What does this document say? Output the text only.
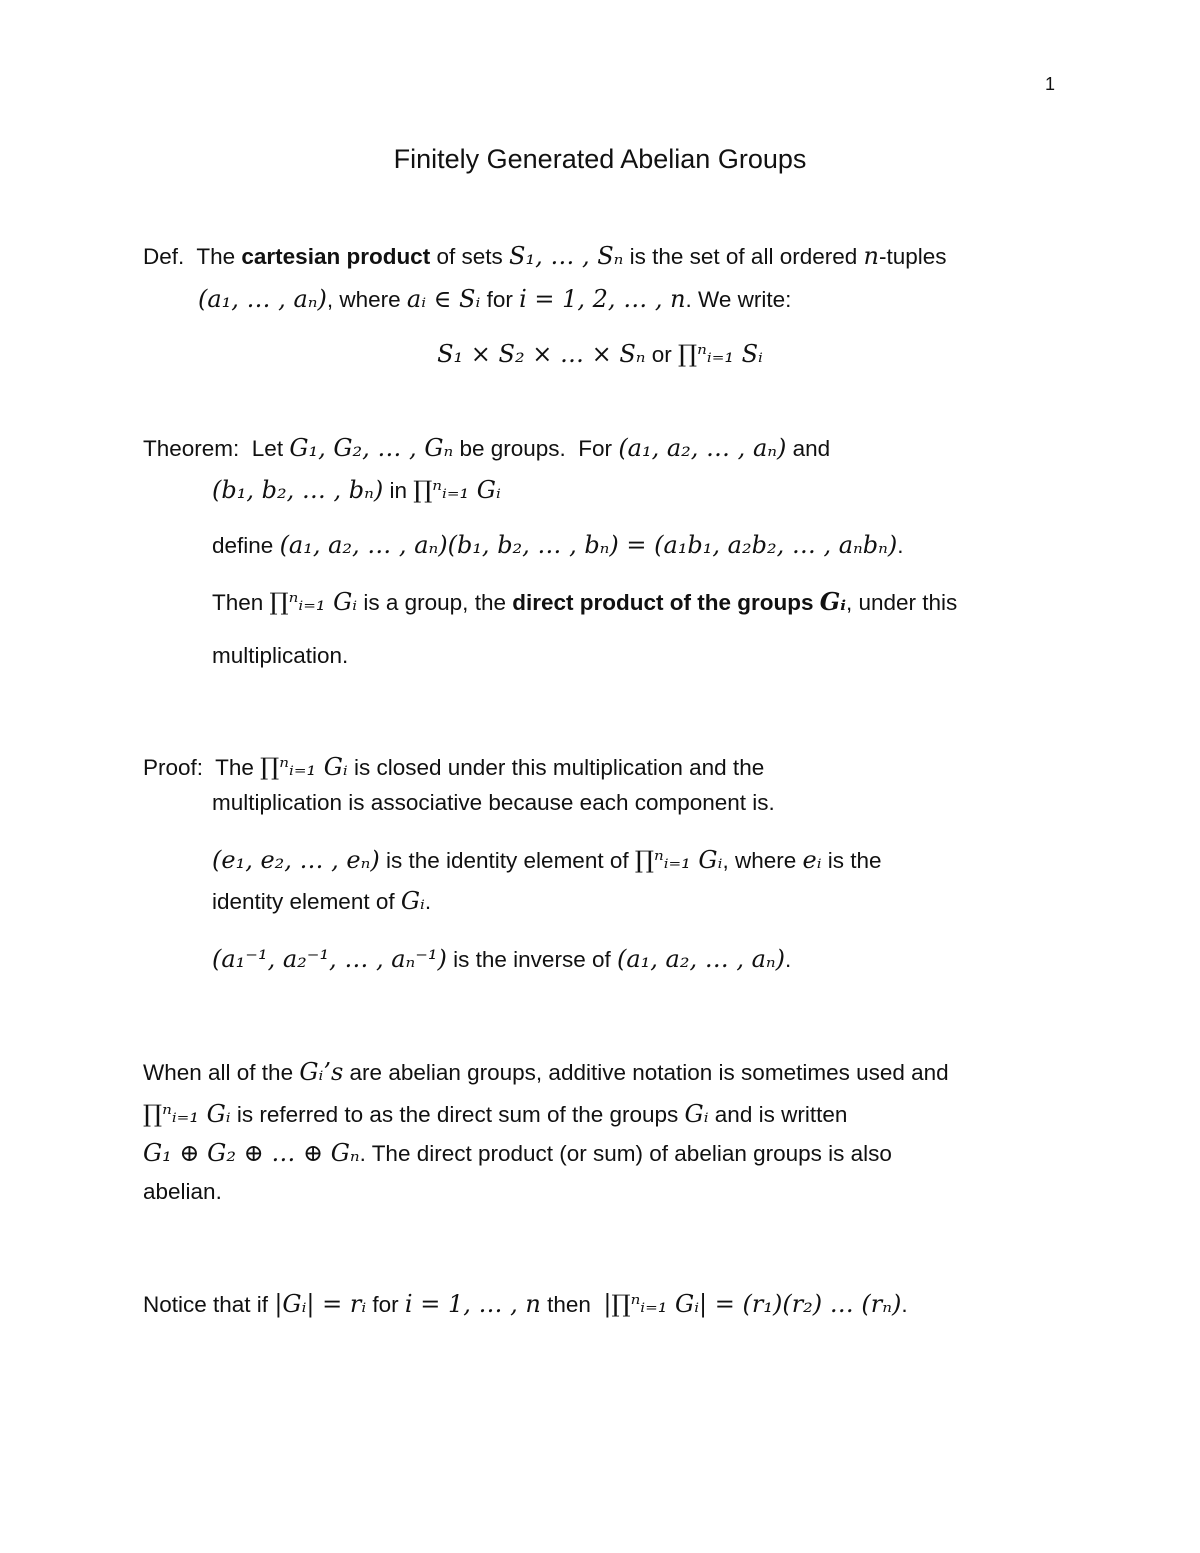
1
Finitely Generated Abelian Groups
Def.  The cartesian product of sets S₁, … , Sₙ is the set of all ordered n-tuples
(a₁, … , aₙ), where aᵢ ∈ Sᵢ for i = 1, 2, … , n. We write:
S₁ × S₂ × … × Sₙ or ∏ⁿᵢ₌₁ Sᵢ
Theorem:  Let G₁, G₂, … , Gₙ be groups.  For (a₁, a₂, … , aₙ) and
(b₁, b₂, … , bₙ) in ∏ⁿᵢ₌₁ Gᵢ
define (a₁, a₂, … , aₙ)(b₁, b₂, … , bₙ) = (a₁b₁, a₂b₂, … , aₙbₙ).
Then ∏ⁿᵢ₌₁ Gᵢ is a group, the direct product of the groups Gᵢ, under this
multiplication.
Proof:  The ∏ⁿᵢ₌₁ Gᵢ is closed under this multiplication and the
multiplication is associative because each component is.
(e₁, e₂, … , eₙ) is the identity element of ∏ⁿᵢ₌₁ Gᵢ, where eᵢ is the
identity element of Gᵢ.
(a₁⁻¹, a₂⁻¹, … , aₙ⁻¹) is the inverse of (a₁, a₂, … , aₙ).
When all of the Gᵢ’s are abelian groups, additive notation is sometimes used and
∏ⁿᵢ₌₁ Gᵢ is referred to as the direct sum of the groups Gᵢ and is written
G₁ ⊕ G₂ ⊕ … ⊕ Gₙ. The direct product (or sum) of abelian groups is also
abelian.
Notice that if |Gᵢ| = rᵢ for i = 1, … , n then  |∏ⁿᵢ₌₁ Gᵢ| = (r₁)(r₂) … (rₙ).
